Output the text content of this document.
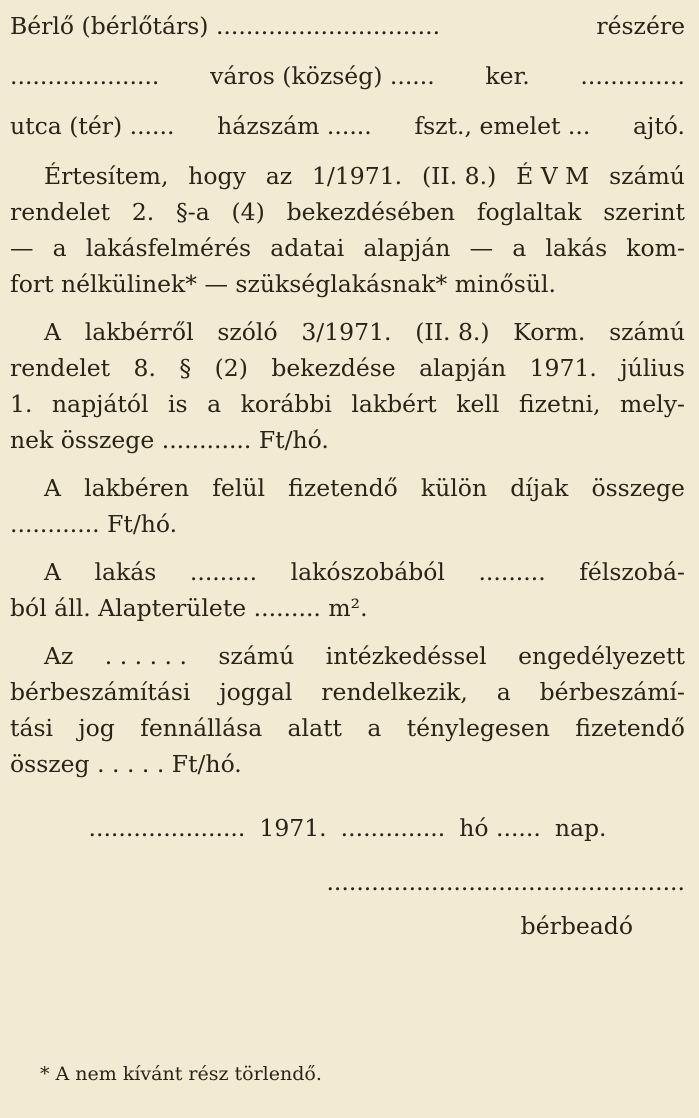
Bérlő (bérlőtárs) ..............................	részére
.................... város (község) ...... ker. ..............
utca (tér) ...... házszám ...... fszt., emelet ... ajtó.
Értesítem, hogy az 1/1971. (II. 8.) É V M számú
rendelet 2. §-a (4) bekezdésében foglaltak szerint
— a lakásfelmérés adatai alapján — a lakás kom-
fort nélkülinek* — szükséglakásnak* minősül.
A lakbérről szóló 3/1971. (II. 8.) Korm. számú
rendelet 8. § (2) bekezdése alapján 1971. július
1. napjától is a korábbi lakbért kell fizetni, mely-
nek összege ............ Ft/hó.
A lakbéren felül fizetendő külön díjak összege
............ Ft/hó.
A lakás ......... lakószobából ......... félszobá-
ból áll. Alapterülete ......... m².
Az . . . . . . számú intézkedéssel engedélyezett
bérbeszámítási joggal rendelkezik, a bérbeszámí-
tási jog fennállása alatt a ténylegesen fizetendő
összeg . . . . . Ft/hó.
..................... 1971. .............. hó ...... nap.
................................................
bérbeadó
* A nem kívánt rész törlendő.
